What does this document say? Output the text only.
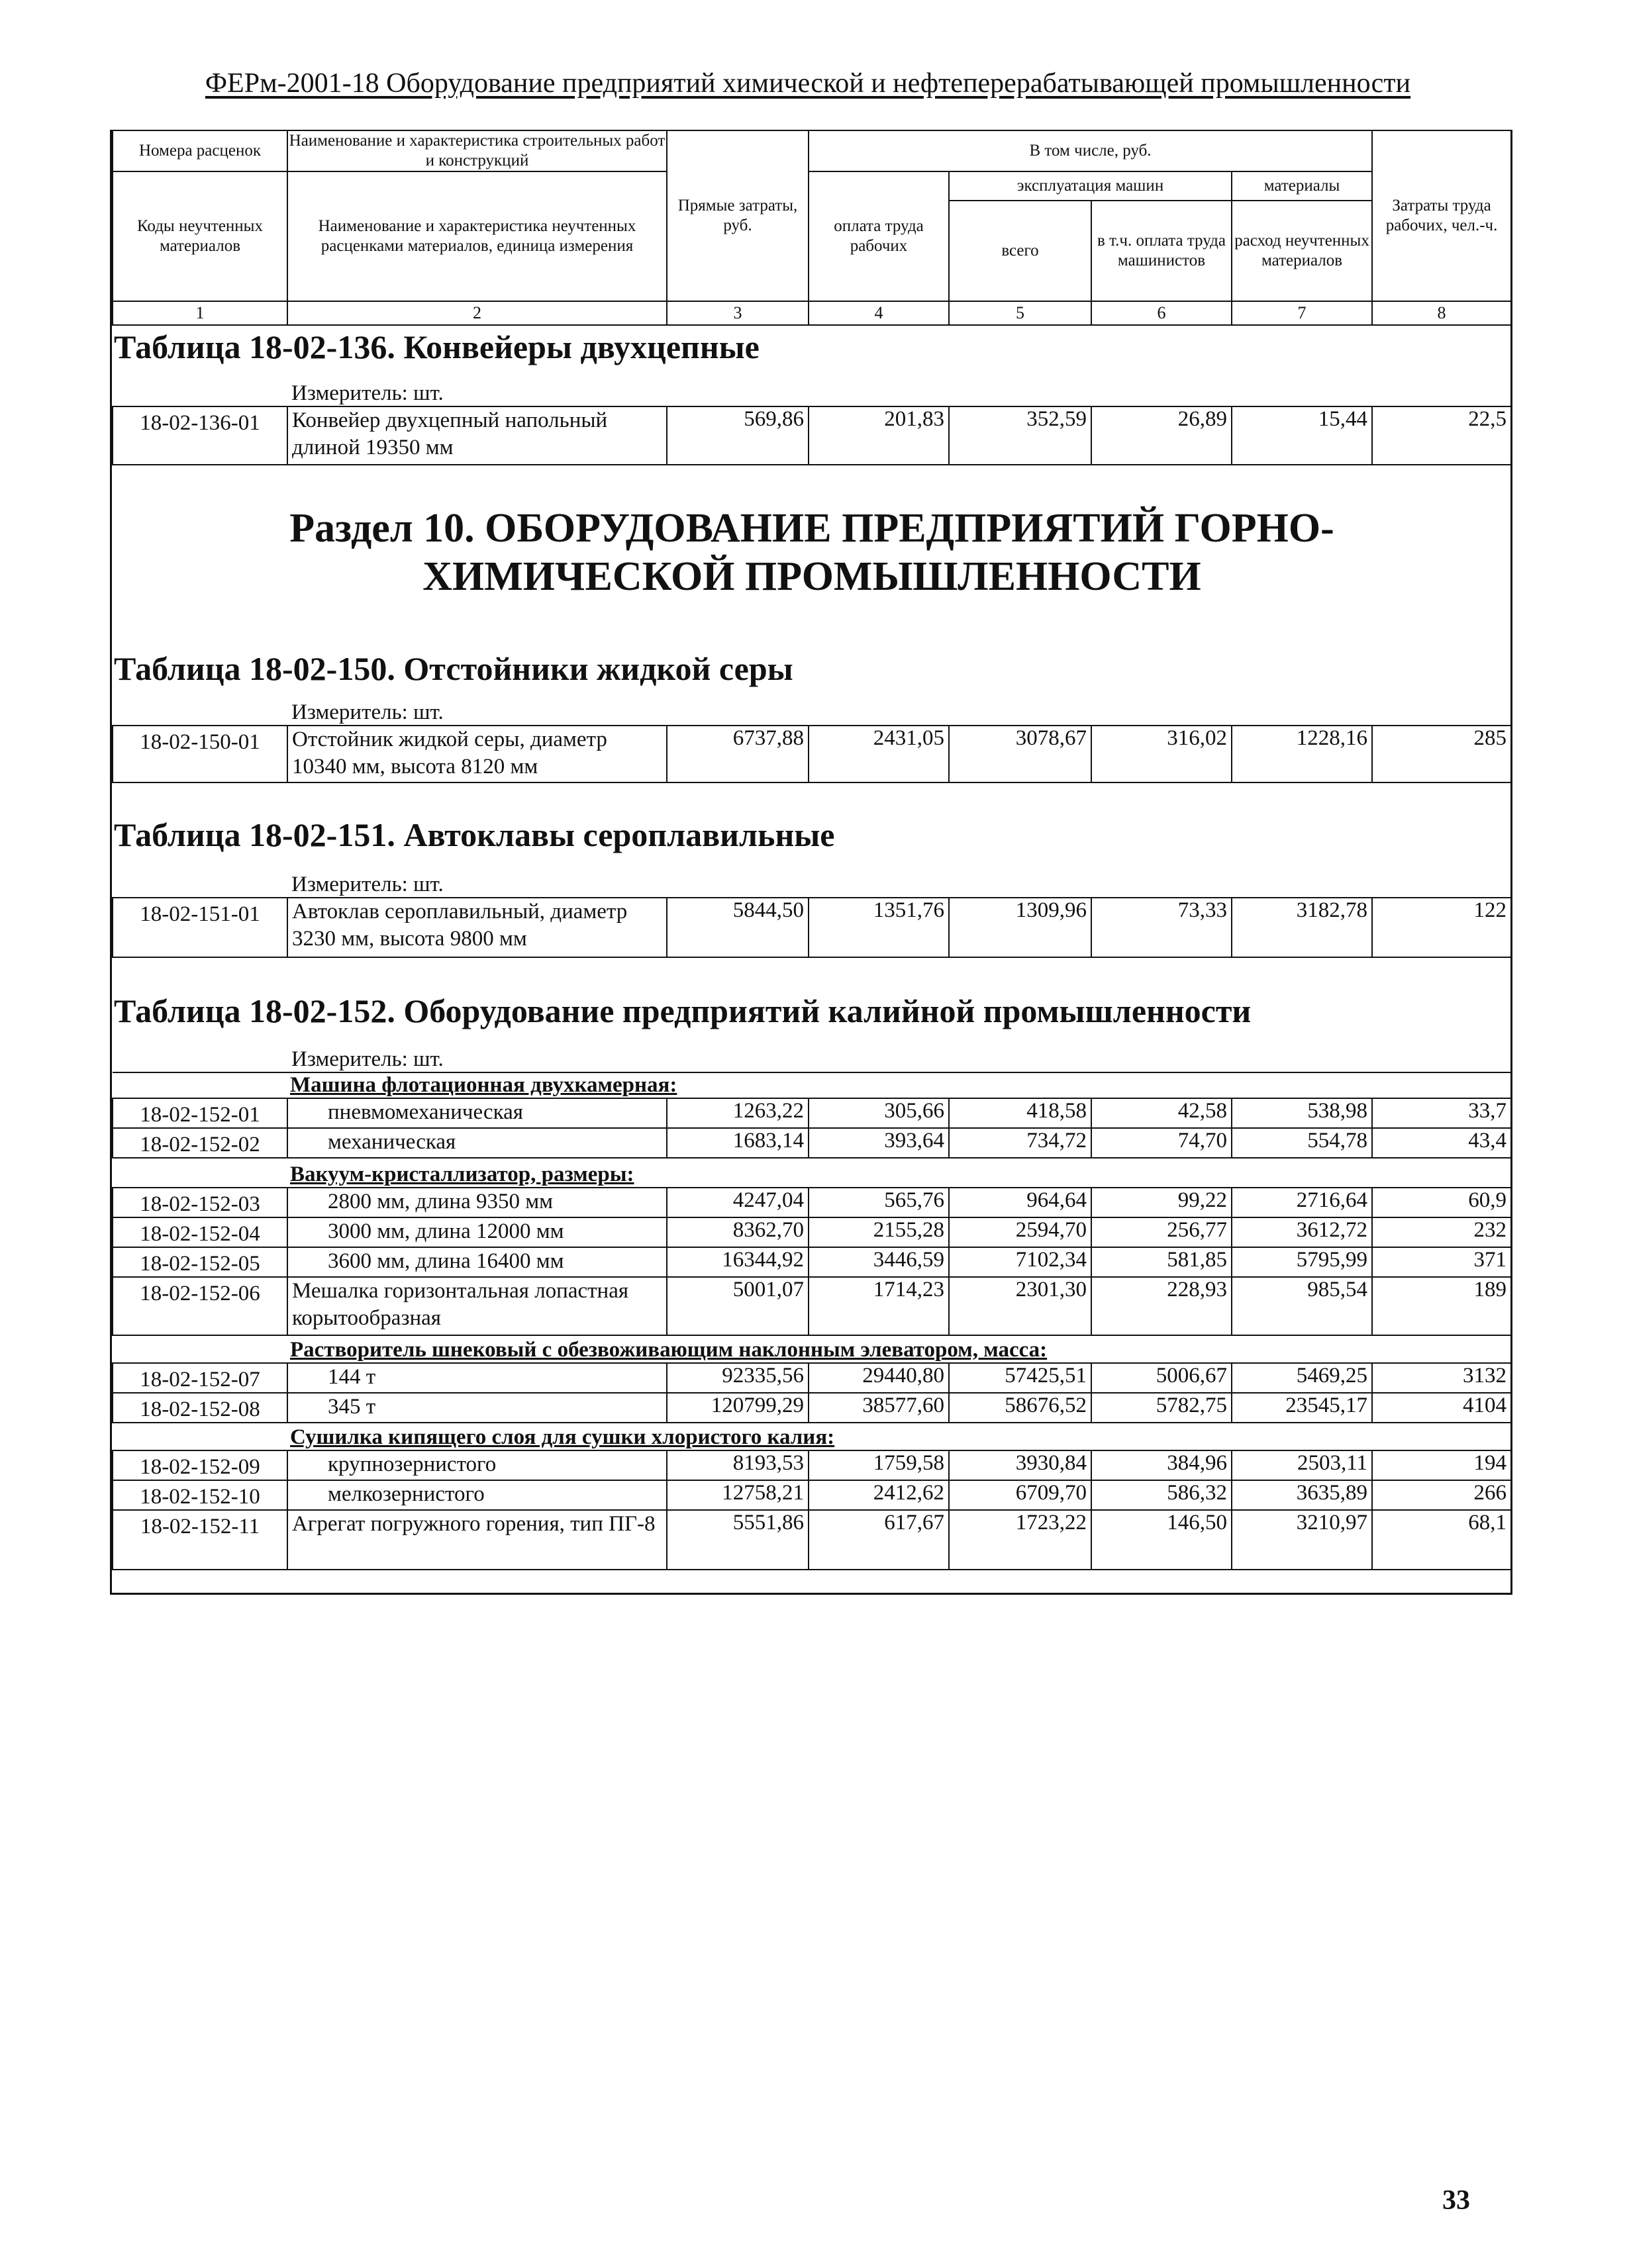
ФЕРм-2001-18 Оборудование предприятий химической и нефтеперерабатывающей промышленности
Номера расценок	Наименование и характеристика строительных работ и конструкций	Прямые затраты, руб.	В том числе, руб.				Затраты труда рабочих, чел.-ч.
Коды неучтенных материалов	Наименование и характеристика неучтенных расценками материалов, единица измерения		оплата труда рабочих	эксплуатация машин		материалы	
				всего	в т.ч. оплата труда машинистов	расход неучтенных материалов	
1	2	3	4	5	6	7	8
Таблица 18-02-136. Конвейеры двухцепные							
Измеритель: шт.							
18-02-136-01	Конвейер двухцепный напольный длиной 19350 мм	569,86	201,83	352,59	26,89	15,44	22,5

Раздел 10. ОБОРУДОВАНИЕ ПРЕДПРИЯТИЙ ГОРНО-ХИМИЧЕСКОЙ ПРОМЫШЛЕННОСТИ							

Таблица 18-02-150. Отстойники жидкой серы							
Измеритель: шт.							
18-02-150-01	Отстойник жидкой серы, диаметр 10340 мм, высота 8120 мм	6737,88	2431,05	3078,67	316,02	1228,16	285
Таблица 18-02-151. Автоклавы сероплавильные							
Измеритель: шт.							
18-02-151-01	Автоклав сероплавильный, диаметр 3230 мм, высота 9800 мм	5844,50	1351,76	1309,96	73,33	3182,78	122
Таблица 18-02-152. Оборудование предприятий калийной промышленности							
Измеритель: шт.							
Машина флотационная двухкамерная:							
18-02-152-01	пневмомеханическая	1263,22	305,66	418,58	42,58	538,98	33,7
18-02-152-02	механическая	1683,14	393,64	734,72	74,70	554,78	43,4
Вакуум-кристаллизатор, размеры:							
18-02-152-03	2800 мм, длина 9350 мм	4247,04	565,76	964,64	99,22	2716,64	60,9
18-02-152-04	3000 мм, длина 12000 мм	8362,70	2155,28	2594,70	256,77	3612,72	232
18-02-152-05	3600 мм, длина 16400 мм	16344,92	3446,59	7102,34	581,85	5795,99	371
18-02-152-06	Мешалка горизонтальная лопастная корытообразная	5001,07	1714,23	2301,30	228,93	985,54	189
Растворитель шнековый с обезвоживающим наклонным элеватором, масса:							
18-02-152-07	144 т	92335,56	29440,80	57425,51	5006,67	5469,25	3132
18-02-152-08	345 т	120799,29	38577,60	58676,52	5782,75	23545,17	4104
Сушилка кипящего слоя для сушки хлористого калия:							
18-02-152-09	крупнозернистого	8193,53	1759,58	3930,84	384,96	2503,11	194
18-02-152-10	мелкозернистого	12758,21	2412,62	6709,70	586,32	3635,89	266
18-02-152-11	Агрегат погружного горения, тип ПГ-8	5551,86	617,67	1723,22	146,50	3210,97	68,1
33
